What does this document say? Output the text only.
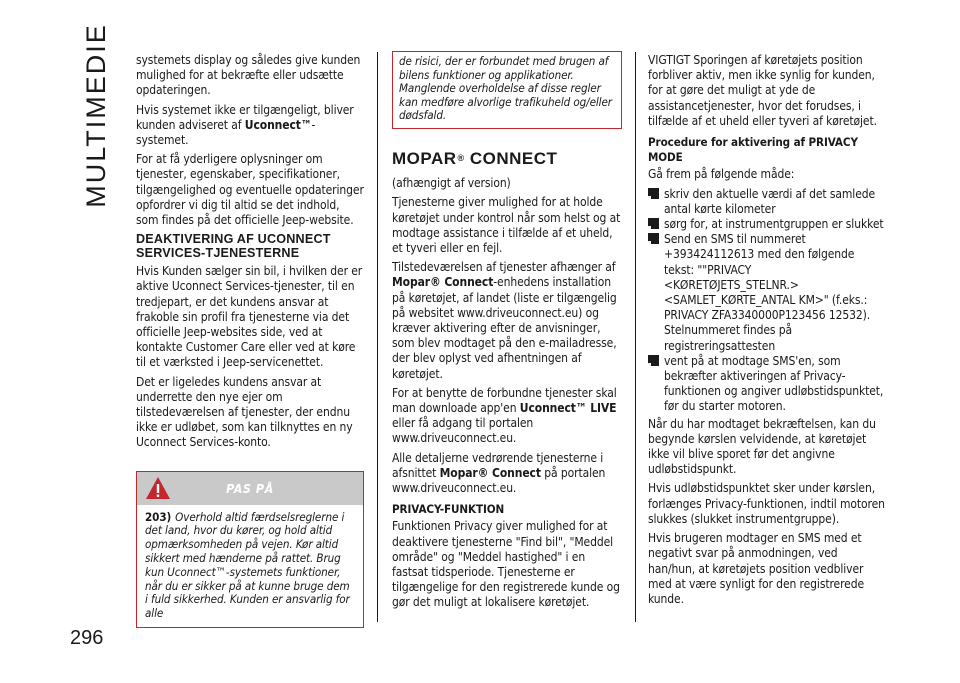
MULTIMEDIE systemets display og således give kunden mulighed for at bekræfte eller udsætte opdateringen.

Hvis systemet ikke er tilgængeligt, bliver kunden adviseret af Uconnect™-systemet.

For at få yderligere oplysninger om tjenester, egenskaber, specifikationer, tilgængelighed og eventuelle opdateringer opfordrer vi dig til altid se det indhold, som findes på det officielle Jeep-website.

DEAKTIVERING AF UCONNECT SERVICES-TJENESTERNE

Hvis Kunden sælger sin bil, i hvilken der er aktive Uconnect Services-tjenester, til en tredjepart, er det kundens ansvar at frakoble sin profil fra tjenesterne via det officielle Jeep-websites side, ved at kontakte Customer Care eller ved at køre til et værksted i Jeep-servicenettet.

Det er ligeledes kundens ansvar at underrette den nye ejer om tilstedeværelsen af tjenester, der endnu ikke er udløbet, som kan tilknyttes en ny Uconnect Services-konto.

PAS PÅ
203) Overhold altid færdselsreglerne i det land, hvor du kører, og hold altid opmærksomheden på vejen. Kør altid sikkert med hænderne på rattet. Brug kun Uconnect™-systemets funktioner, når du er sikker på at kunne bruge dem i fuld sikkerhed. Kunden er ansvarlig for alle
de risici, der er forbundet med brugen af bilens funktioner og applikationer. Manglende overholdelse af disse regler kan medføre alvorlige trafikuheld og/eller dødsfald.
MOPAR® CONNECT

(afhængigt af version)

Tjenesterne giver mulighed for at holde køretøjet under kontrol når som helst og at modtage assistance i tilfælde af et uheld, et tyveri eller en fejl.

Tilstedeværelsen af tjenester afhænger af Mopar® Connect-enhedens installation på køretøjet, af landet (liste er tilgængelig på websitet www.driveuconnect.eu) og kræver aktivering efter de anvisninger, som blev modtaget på den e-mailadresse, der blev oplyst ved afhentningen af køretøjet.

For at benytte de forbundne tjenester skal man downloade app'en Uconnect™ LIVE eller få adgang til portalen www.driveuconnect.eu.

Alle detaljerne vedrørende tjenesterne i afsnittet Mopar® Connect på portalen www.driveuconnect.eu.

PRIVACY-FUNKTION

Funktionen Privacy giver mulighed for at deaktivere tjenesterne "Find bil", "Meddel område" og "Meddel hastighed" i en fastsat tidsperiode. Tjenesterne er tilgængelige for den registrerede kunde og gør det muligt at lokalisere køretøjet.

VIGTIGT Sporingen af køretøjets position forbliver aktiv, men ikke synlig for kunden, for at gøre det muligt at yde de assistancetjenester, hvor det forudses, i tilfælde af et uheld eller tyveri af køretøjet.

Procedure for aktivering af PRIVACY MODE

Gå frem på følgende måde:

skriv den aktuelle værdi af det samlede antal kørte kilometer
sørg for, at instrumentgruppen er slukket
Send en SMS til nummeret +393424112613 med den følgende tekst: ""PRIVACY <KØRETØJETS_STELNR.> <SAMLET_KØRTE_ANTAL KM>" (f.eks.: PRIVACY ZFA3340000P123456 12532). Stelnummeret findes på registreringsattesten
vent på at modtage SMS'en, som bekræfter aktiveringen af Privacy-funktionen og angiver udløbstidspunktet, før du starter motoren.

Når du har modtaget bekræftelsen, kan du begynde kørslen velvidende, at køretøjet ikke vil blive sporet før det angivne udløbstidspunkt.

Hvis udløbstidspunktet sker under kørslen, forlænges Privacy-funktionen, indtil motoren slukkes (slukket instrumentgruppe).

Hvis brugeren modtager en SMS med et negativt svar på anmodningen, ved han/hun, at køretøjets position vedbliver med at være synligt for den registrerede kunde.

296
